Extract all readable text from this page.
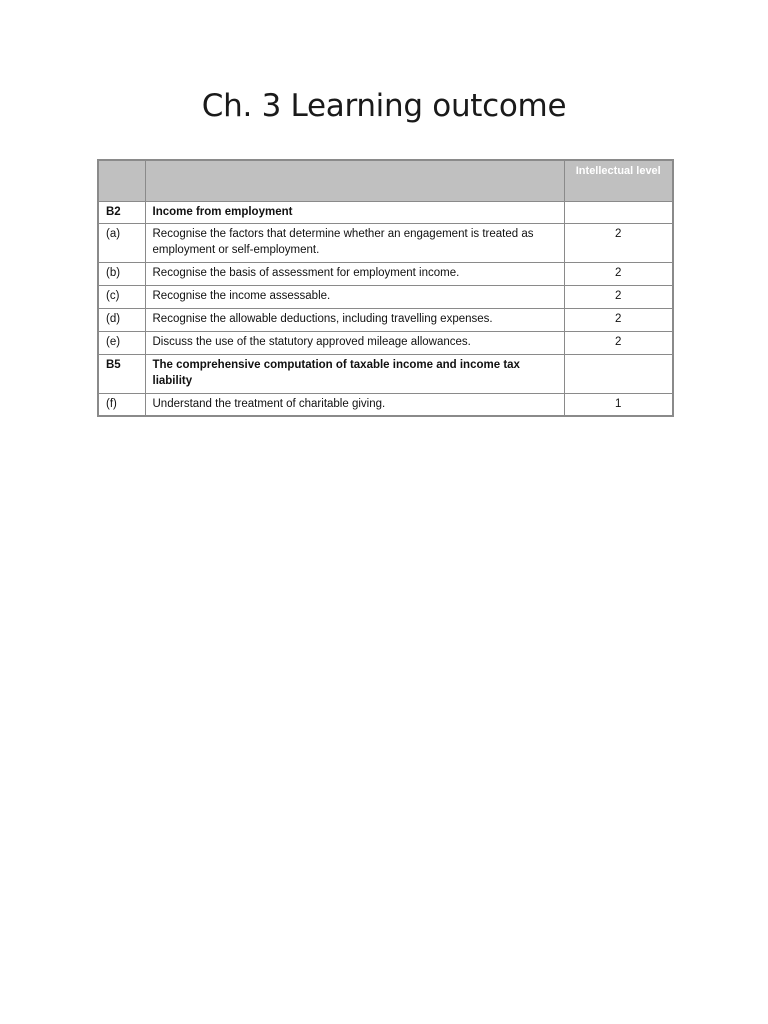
Ch. 3 Learning outcome
		Intellectual level
B2	Income from employment	
(a)	Recognise the factors that determine whether an engagement is treated as employment or self-employment.	2
(b)	Recognise the basis of assessment for employment income.	2
(c)	Recognise the income assessable.	2
(d)	Recognise the allowable deductions, including travelling expenses.	2
(e)	Discuss the use of the statutory approved mileage allowances.	2
B5	The comprehensive computation of taxable income and income tax liability	
(f)	Understand the treatment of charitable giving.	1
